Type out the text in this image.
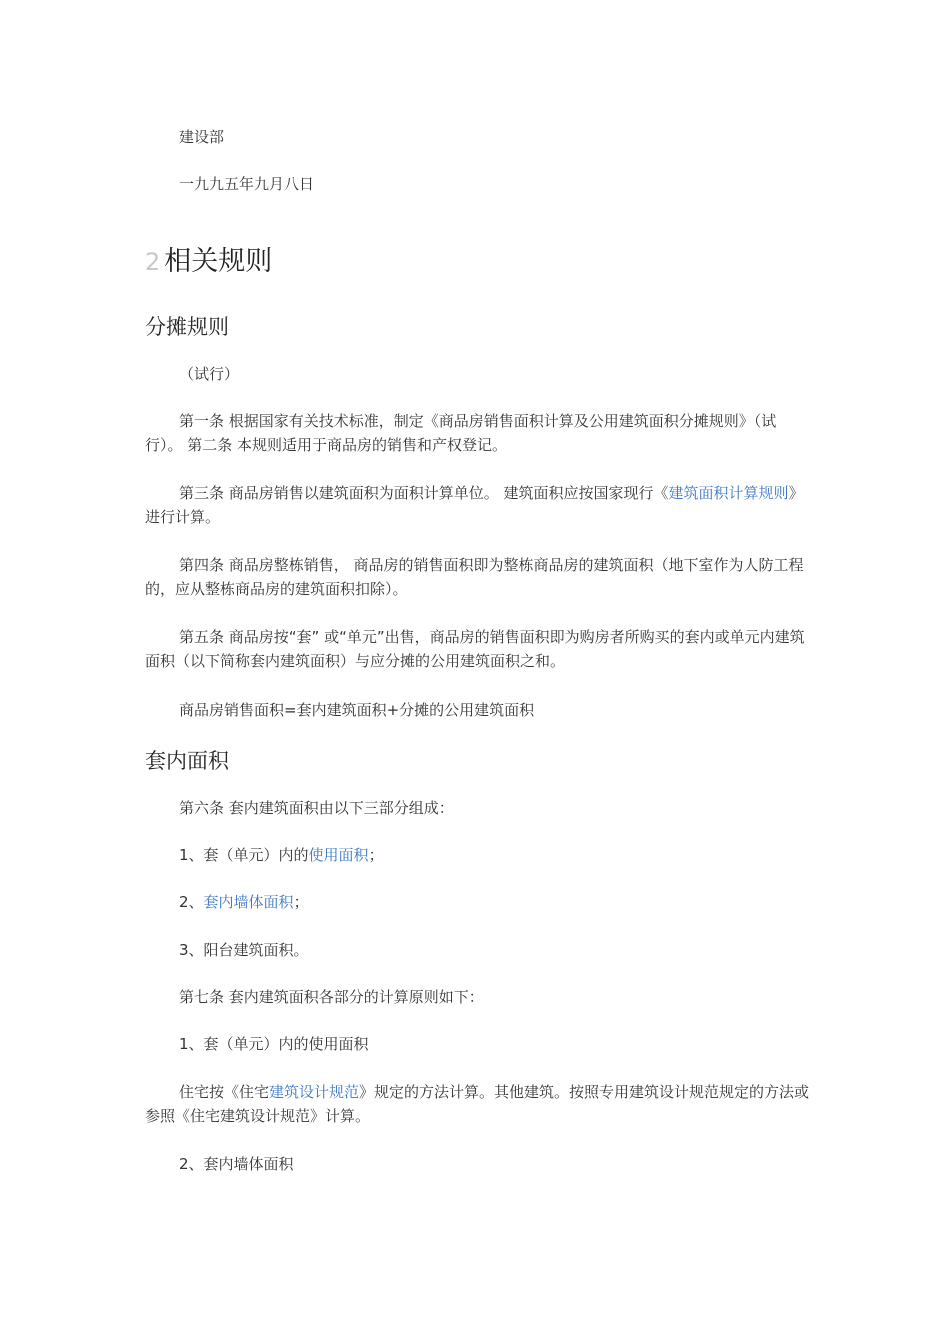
建设部

一九九五年九月八日

2 相关规则
分摊规则

（试行）

第一条 根据国家有关技术标准，制定《商品房销售面积计算及公用建筑面积分摊规则》（试行）。 第二条 本规则适用于商品房的销售和产权登记。

第三条 商品房销售以建筑面积为面积计算单位。 建筑面积应按国家现行《建筑面积计算规则》进行计算。

第四条 商品房整栋销售， 商品房的销售面积即为整栋商品房的建筑面积（地下室作为人防工程的，应从整栋商品房的建筑面积扣除）。

第五条 商品房按“套” 或“单元”出售，商品房的销售面积即为购房者所购买的套内或单元内建筑面积（以下简称套内建筑面积）与应分摊的公用建筑面积之和。

商品房销售面积=套内建筑面积+分摊的公用建筑面积

套内面积

第六条 套内建筑面积由以下三部分组成：

1、套（单元）内的使用面积；

2、套内墙体面积；

3、阳台建筑面积。

第七条 套内建筑面积各部分的计算原则如下：

1、套（单元）内的使用面积

住宅按《住宅建筑设计规范》规定的方法计算。其他建筑。按照专用建筑设计规范规定的方法或参照《住宅建筑设计规范》计算。

2、套内墙体面积
